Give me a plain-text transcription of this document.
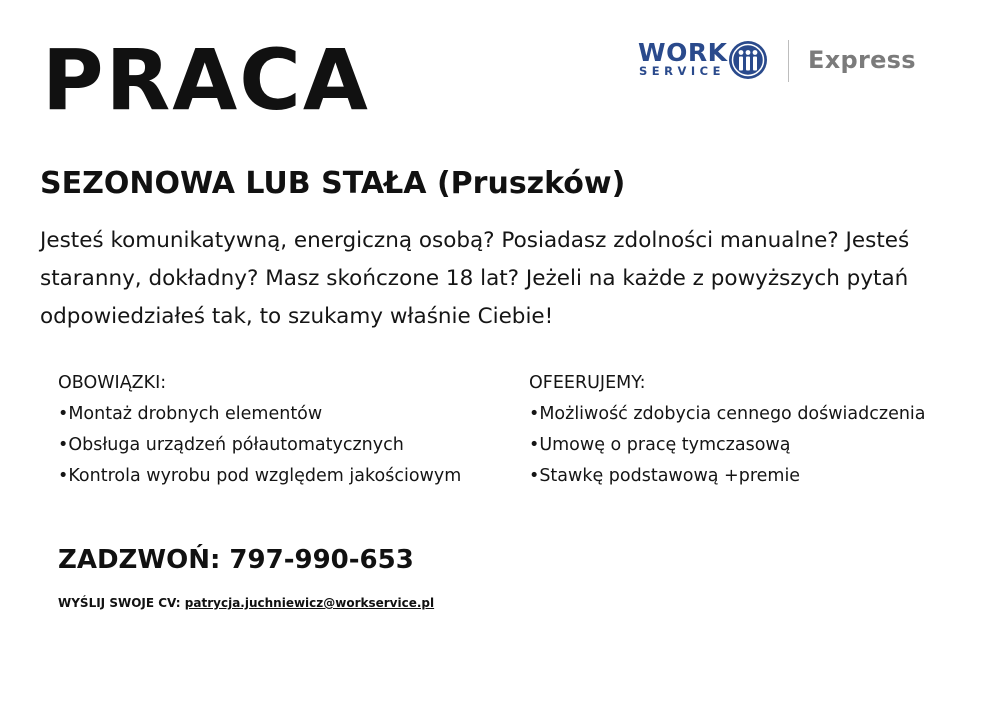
PRACA	WORK
SERVICE	Express
SEZONOWA LUB STAŁA (Pruszków)

Jesteś komunikatywną, energiczną osobą? Posiadasz zdolności manualne? Jesteś staranny, dokładny? Masz skończone 18 lat? Jeżeli na każde z powyższych pytań odpowiedziałeś tak, to szukamy właśnie Ciebie!

OBOWIĄZKI:
•Montaż drobnych elementów
•Obsługa urządzeń półautomatycznych
•Kontrola wyrobu pod względem jakościowym
OFEERUJEMY:
•Możliwość zdobycia cennego doświadczenia
•Umowę o pracę tymczasową
•Stawkę podstawową +premie
ZADZWOŃ: 797-990-653
WYŚLIJ SWOJE CV: patrycja.juchniewicz@workservice.pl
